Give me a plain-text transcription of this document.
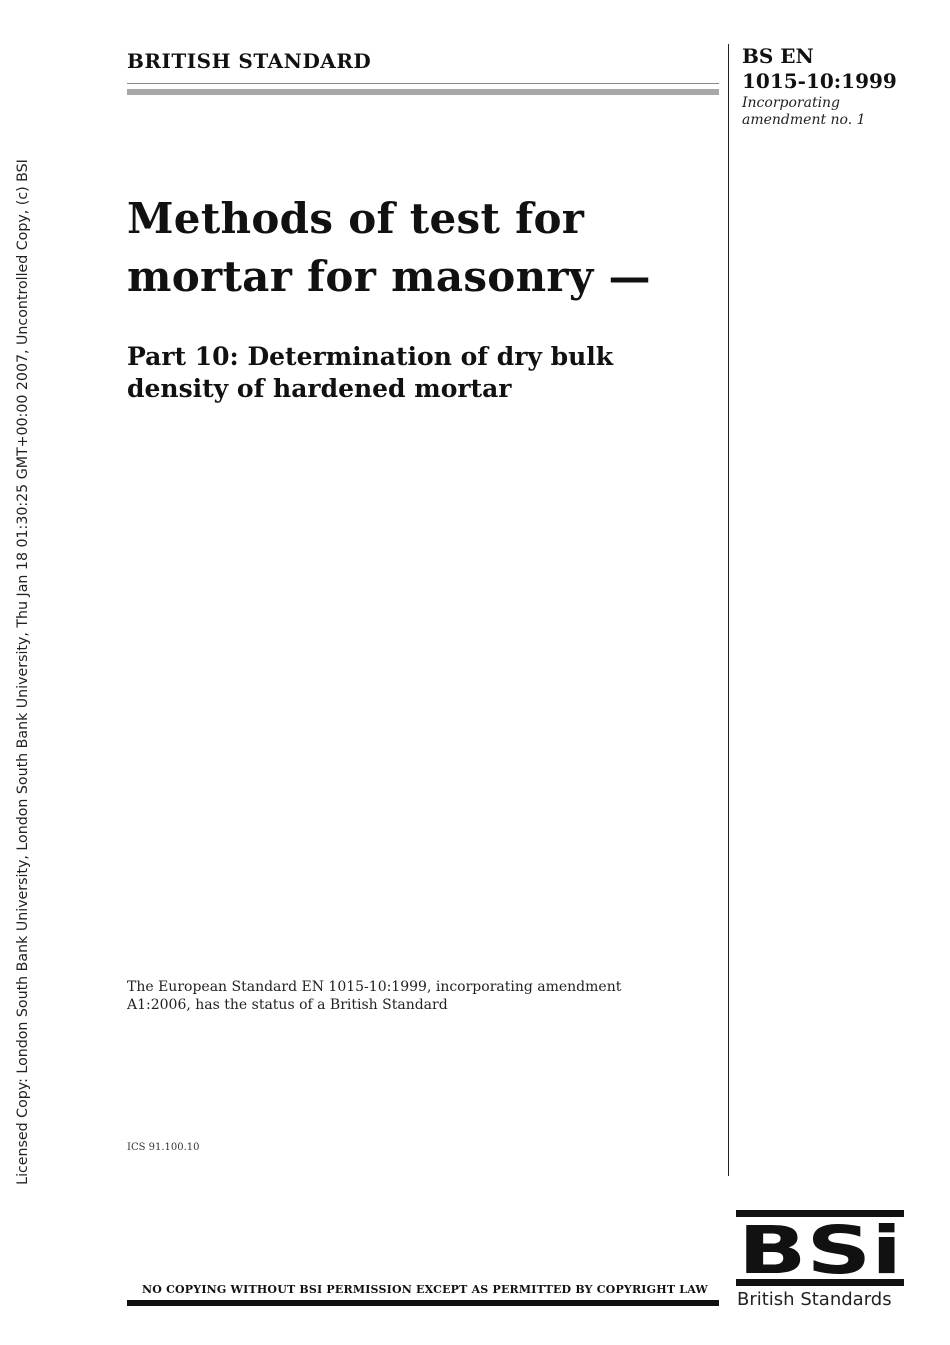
Licensed Copy: London South Bank University, London South Bank University, Thu Jan 18 01:30:25 GMT+00:00 2007, Uncontrolled Copy, (c) BSI
BRITISH STANDARD	BS EN
1015-10:1999
Incorporating
amendment no. 1
Methods of test for
mortar for masonry —
Part 10: Determination of dry bulk
density of hardened mortar
The European Standard EN 1015-10:1999, incorporating amendment
A1:2006, has the status of a British Standard
ICS 91.100.10
NO COPYING WITHOUT BSI PERMISSION EXCEPT AS PERMITTED BY COPYRIGHT LAW
BSi
British Standards
